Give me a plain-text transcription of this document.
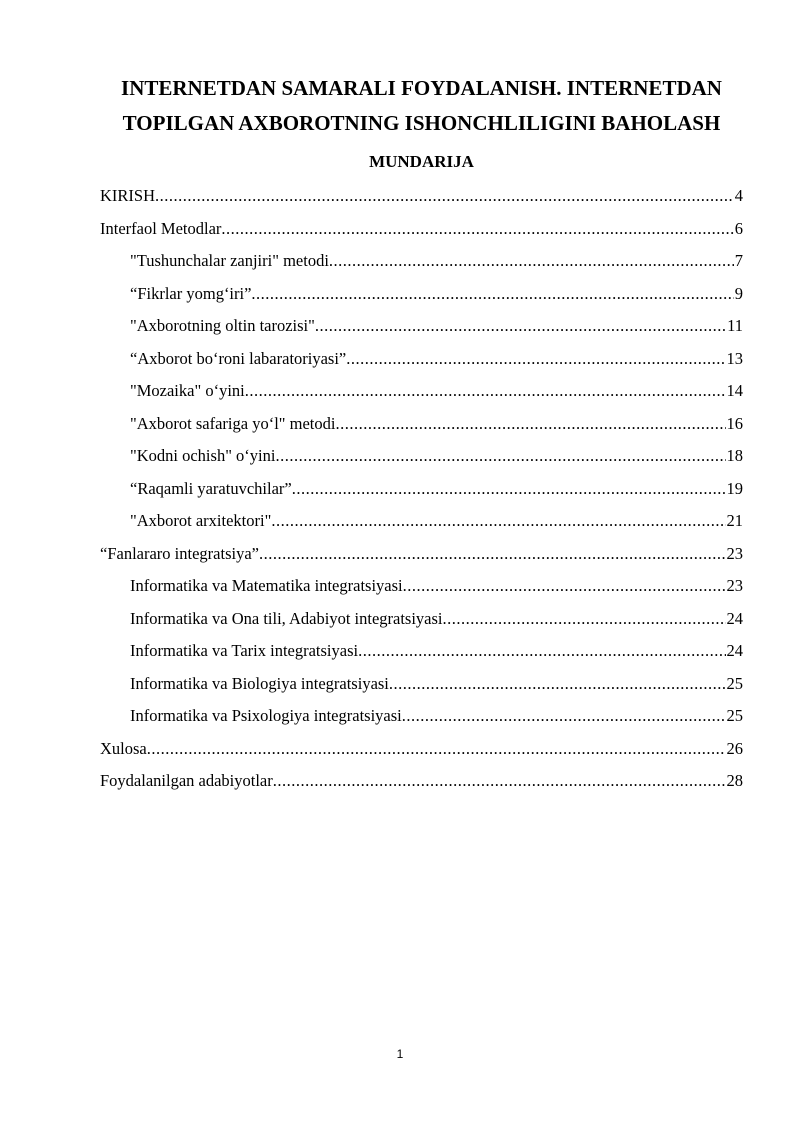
INTERNETDAN SAMARALI FOYDALANISH. INTERNETDAN
TOPILGAN AXBOROTNING ISHONCHLILIGINI BAHOLASH
MUNDARIJA
KIRISH .....	4
Interfaol Metodlar .....	6
"Tushunchalar zanjiri" metodi .....	7
“Fikrlar yomg‘iri” .....	9
"Axborotning oltin tarozisi" .....	11
“Axborot bo‘roni labaratoriyasi” .....	13
"Mozaika" o‘yini .....	14
"Axborot safariga yo‘l" metodi .....	16
"Kodni ochish" o‘yini .....	18
“Raqamli yaratuvchilar” .....	19
"Axborot arxitektori" .....	21
“Fanlararo integratsiya” .....	23
Informatika va Matematika integratsiyasi .....	23
Informatika va Ona tili, Adabiyot integratsiyasi .....	24
Informatika va Tarix integratsiyasi .....	24
Informatika va Biologiya integratsiyasi .....	25
Informatika va Psixologiya integratsiyasi .....	25
Xulosa .....	26
Foydalanilgan adabiyotlar .....	28
1
